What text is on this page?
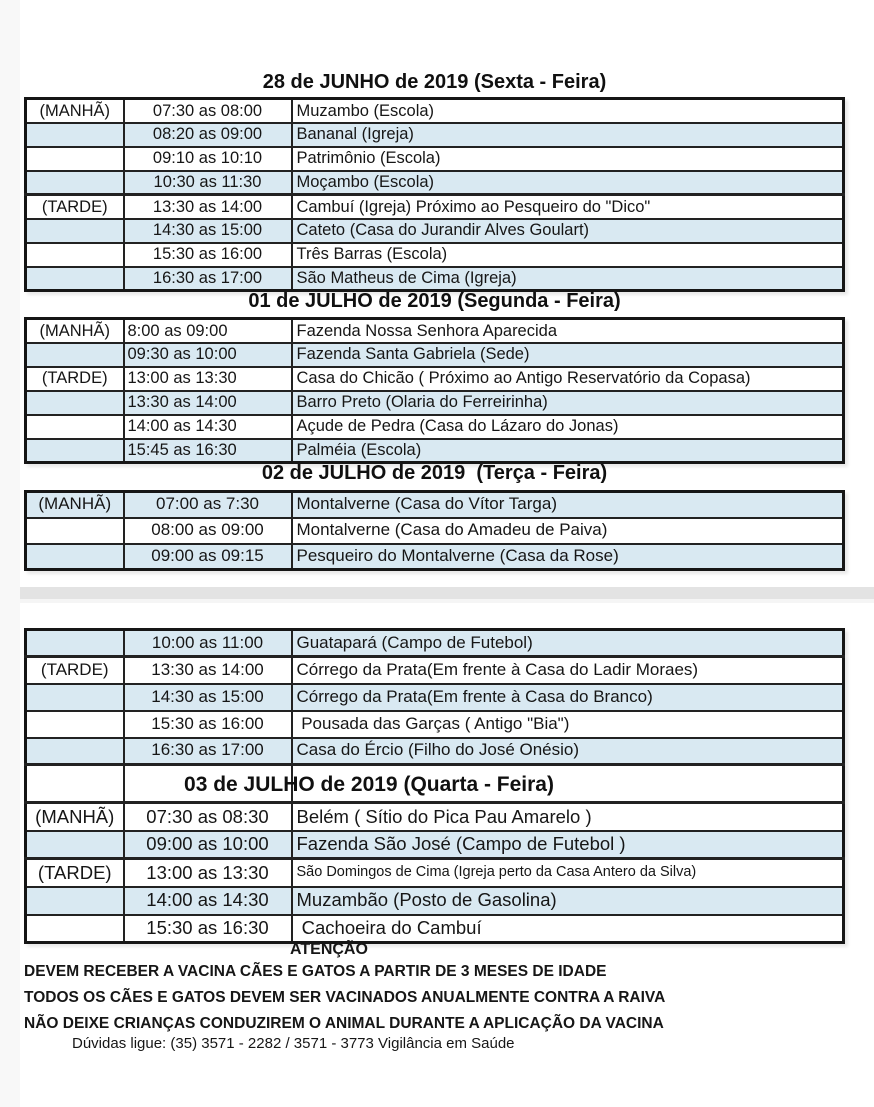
28 de JUNHO de 2019 (Sexta - Feira)
(MANHÃ)	07:30 as 08:00	Muzambo (Escola)
	08:20 as 09:00	Bananal (Igreja)
	09:10 as 10:10	Patrimônio (Escola)
	10:30 as 11:30	Moçambo (Escola)
(TARDE)	13:30 as 14:00	Cambuí (Igreja) Próximo ao Pesqueiro do "Dico"
	14:30 as 15:00	Cateto (Casa do Jurandir Alves Goulart)
	15:30 as 16:00	Três Barras (Escola)
	16:30 as 17:00	São Matheus de Cima (Igreja)
01 de JULHO de 2019 (Segunda - Feira)
(MANHÃ)	8:00 as 09:00	Fazenda Nossa Senhora Aparecida
	09:30 as 10:00	Fazenda Santa Gabriela (Sede)
(TARDE)	13:00 as 13:30	Casa do Chicão ( Próximo ao Antigo Reservatório da Copasa)
	13:30 as 14:00	Barro Preto (Olaria do Ferreirinha)
	14:00 as 14:30	Açude de Pedra (Casa do Lázaro do Jonas)
	15:45 as 16:30	Palméia (Escola)
02 de JULHO de 2019  (Terça - Feira)
(MANHÃ)	07:00 as 7:30	Montalverne (Casa do Vítor Targa)
	08:00 as 09:00	Montalverne (Casa do Amadeu de Paiva)
	09:00 as 09:15	Pesqueiro do Montalverne (Casa da Rose)
	10:00 as 11:00	Guatapará (Campo de Futebol)
(TARDE)	13:30 as 14:00	Córrego da Prata(Em frente à Casa do Ladir Moraes)
	14:30 as 15:00	Córrego da Prata(Em frente à Casa do Branco)
	15:30 as 16:00	Pousada das Garças ( Antigo "Bia")
	16:30 as 17:00	Casa do Ércio (Filho do José Onésio)

(MANHÃ)	07:30 as 08:30	Belém ( Sítio do Pica Pau Amarelo )
	09:00 as 10:00	Fazenda São José (Campo de Futebol )
(TARDE)	13:00 as 13:30	São Domingos de Cima (Igreja perto da Casa Antero da Silva)
	14:00 as 14:30	Muzambão (Posto de Gasolina)
	15:30 as 16:30	Cachoeira do Cambuí
03 de JULHO de 2019 (Quarta - Feira)
ATENÇÃO
DEVEM RECEBER A VACINA CÃES E GATOS A PARTIR DE 3 MESES DE IDADE
TODOS OS CÃES E GATOS DEVEM SER VACINADOS ANUALMENTE CONTRA A RAIVA
NÃO DEIXE CRIANÇAS CONDUZIREM O ANIMAL DURANTE A APLICAÇÃO DA VACINA
Dúvidas ligue: (35) 3571 - 2282 / 3571 - 3773 Vigilância em Saúde
